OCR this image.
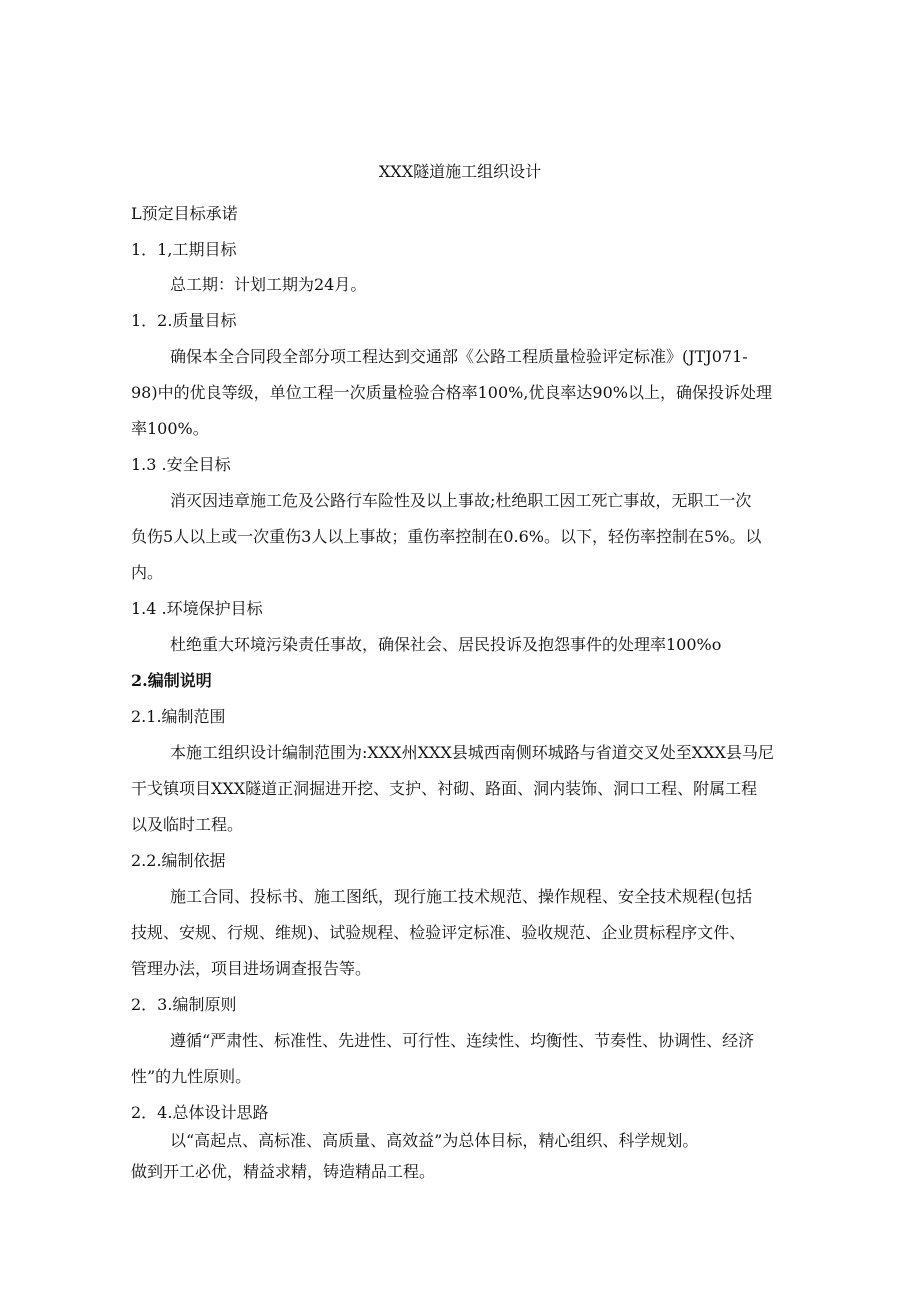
XXX隧道施工组织设计
L预定目标承诺
1．1,工期目标
总工期：计划工期为24月。
1．2.质量目标
确保本全合同段全部分项工程达到交通部《公路工程质量检验评定标准》(JTJ071-
98)中的优良等级，单位工程一次质量检验合格率100%,优良率达90%以上，确保投诉处理
率100%。
1.3 .安全目标
消灭因违章施工危及公路行车险性及以上事故;杜绝职工因工死亡事故，无职工一次
负伤5人以上或一次重伤3人以上事故；重伤率控制在0.6%。以下，轻伤率控制在5%。以
内。
1.4 .环境保护目标
杜绝重大环境污染责任事故，确保社会、居民投诉及抱怨事件的处理率100%o
2.编制说明
2.1.编制范围
本施工组织设计编制范围为:XXX州XXX县城西南侧环城路与省道交叉处至XXX县马尼
干戈镇项目XXX隧道正洞掘进开挖、支护、衬砌、路面、洞内装饰、洞口工程、附属工程
以及临时工程。
2.2.编制依据
施工合同、投标书、施工图纸，现行施工技术规范、操作规程、安全技术规程(包括
技规、安规、行规、维规)、试验规程、检验评定标准、验收规范、企业贯标程序文件、
管理办法，项目进场调查报告等。
2．3.编制原则
遵循“严肃性、标准性、先进性、可行性、连续性、均衡性、节奏性、协调性、经济
性”的九性原则。
2．4.总体设计思路
以“高起点、高标准、高质量、高效益”为总体目标，精心组织、科学规划。
做到开工必优，精益求精，铸造精品工程。
